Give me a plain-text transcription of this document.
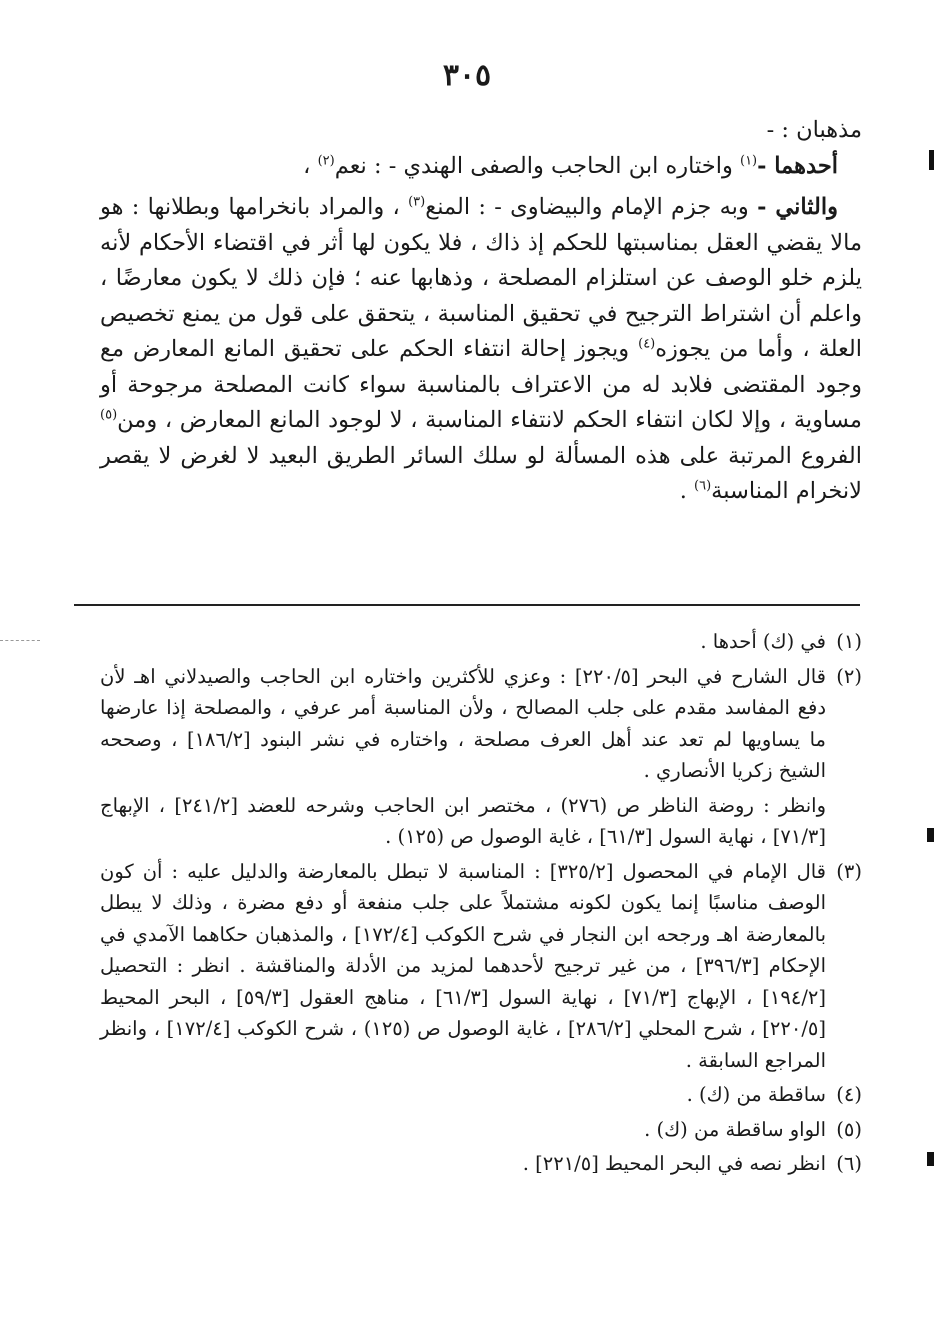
٣٠٥

مذهبان : -

أحدهما -$^{(١)}$ واختاره ابن الحاجب والصفى الهندي - : نعم$^{(٢)}$ ،

والثاني - وبه جزم الإمام والبيضاوى - : المنع$^{(٣)}$ ، والمراد بانخرامها وبطلانها : هو مالا يقضي العقل بمناسبتها للحكم إذ ذاك ، فلا يكون لها أثر في اقتضاء الأحكام لأنه يلزم خلو الوصف عن استلزام المصلحة ، وذهابها عنه ؛ فإن ذلك لا يكون معارضًا ، واعلم أن اشتراط الترجيح في تحقيق المناسبة ، يتحقق على قول من يمنع تخصيص العلة ، وأما من يجوزه$^{(٤)}$ ويجوز إحالة انتفاء الحكم على تحقيق المانع المعارض مع وجود المقتضى فلابد له من الاعتراف بالمناسبة سواء كانت المصلحة مرجوحة أو مساوية ، وإلا لكان انتفاء الحكم لانتفاء المناسبة ، لا لوجود المانع المعارض ، ومن$^{(٥)}$ الفروع المرتبة على هذه المسألة لو سلك السائر الطريق البعيد لا لغرض لا يقصر لانخرام المناسبة$^{(٦)}$ .

(١)
في (ك) أحدها .
(٢)
قال الشارح في البحر [٢٢٠/٥] : وعزي للأكثرين واختاره ابن الحاجب والصيدلاني اهـ لأن دفع المفاسد مقدم على جلب المصالح ، ولأن المناسبة أمر عرفي ، والمصلحة إذا عارضها ما يساويها لم تعد عند أهل العرف مصلحة ، واختاره في نشر البنود [١٨٦/٢] ، وصححه الشيخ زكريا الأنصاري .
وانظر : روضة الناظر ص (٢٧٦) ، مختصر ابن الحاجب وشرحه للعضد [٢٤١/٢] ، الإبهاج [٧١/٣] ، نهاية السول [٦١/٣] ، غاية الوصول ص (١٢٥) .
(٣)
قال الإمام في المحصول [٣٢٥/٢] : المناسبة لا تبطل بالمعارضة والدليل عليه : أن كون الوصف مناسبًا إنما يكون لكونه مشتملاً على جلب منفعة أو دفع مضرة ، وذلك لا يبطل بالمعارضة اهـ ورجحه ابن النجار في شرح الكوكب [١٧٢/٤] ، والمذهبان حكاهما الآمدي في الإحكام [٣٩٦/٣] ، من غير ترجيح لأحدهما لمزيد من الأدلة والمناقشة . انظر : التحصيل [١٩٤/٢] ، الإبهاج [٧١/٣] ، نهاية السول [٦١/٣] ، مناهج العقول [٥٩/٣] ، البحر المحيط [٢٢٠/٥] ، شرح المحلي [٢٨٦/٢] ، غاية الوصول ص (١٢٥) ، شرح الكوكب [١٧٢/٤] ، وانظر المراجع السابقة .
(٤)
ساقطة من (ك) .
(٥)
الواو ساقطة من (ك) .
(٦)
انظر نصه في البحر المحيط [٢٢١/٥] .
